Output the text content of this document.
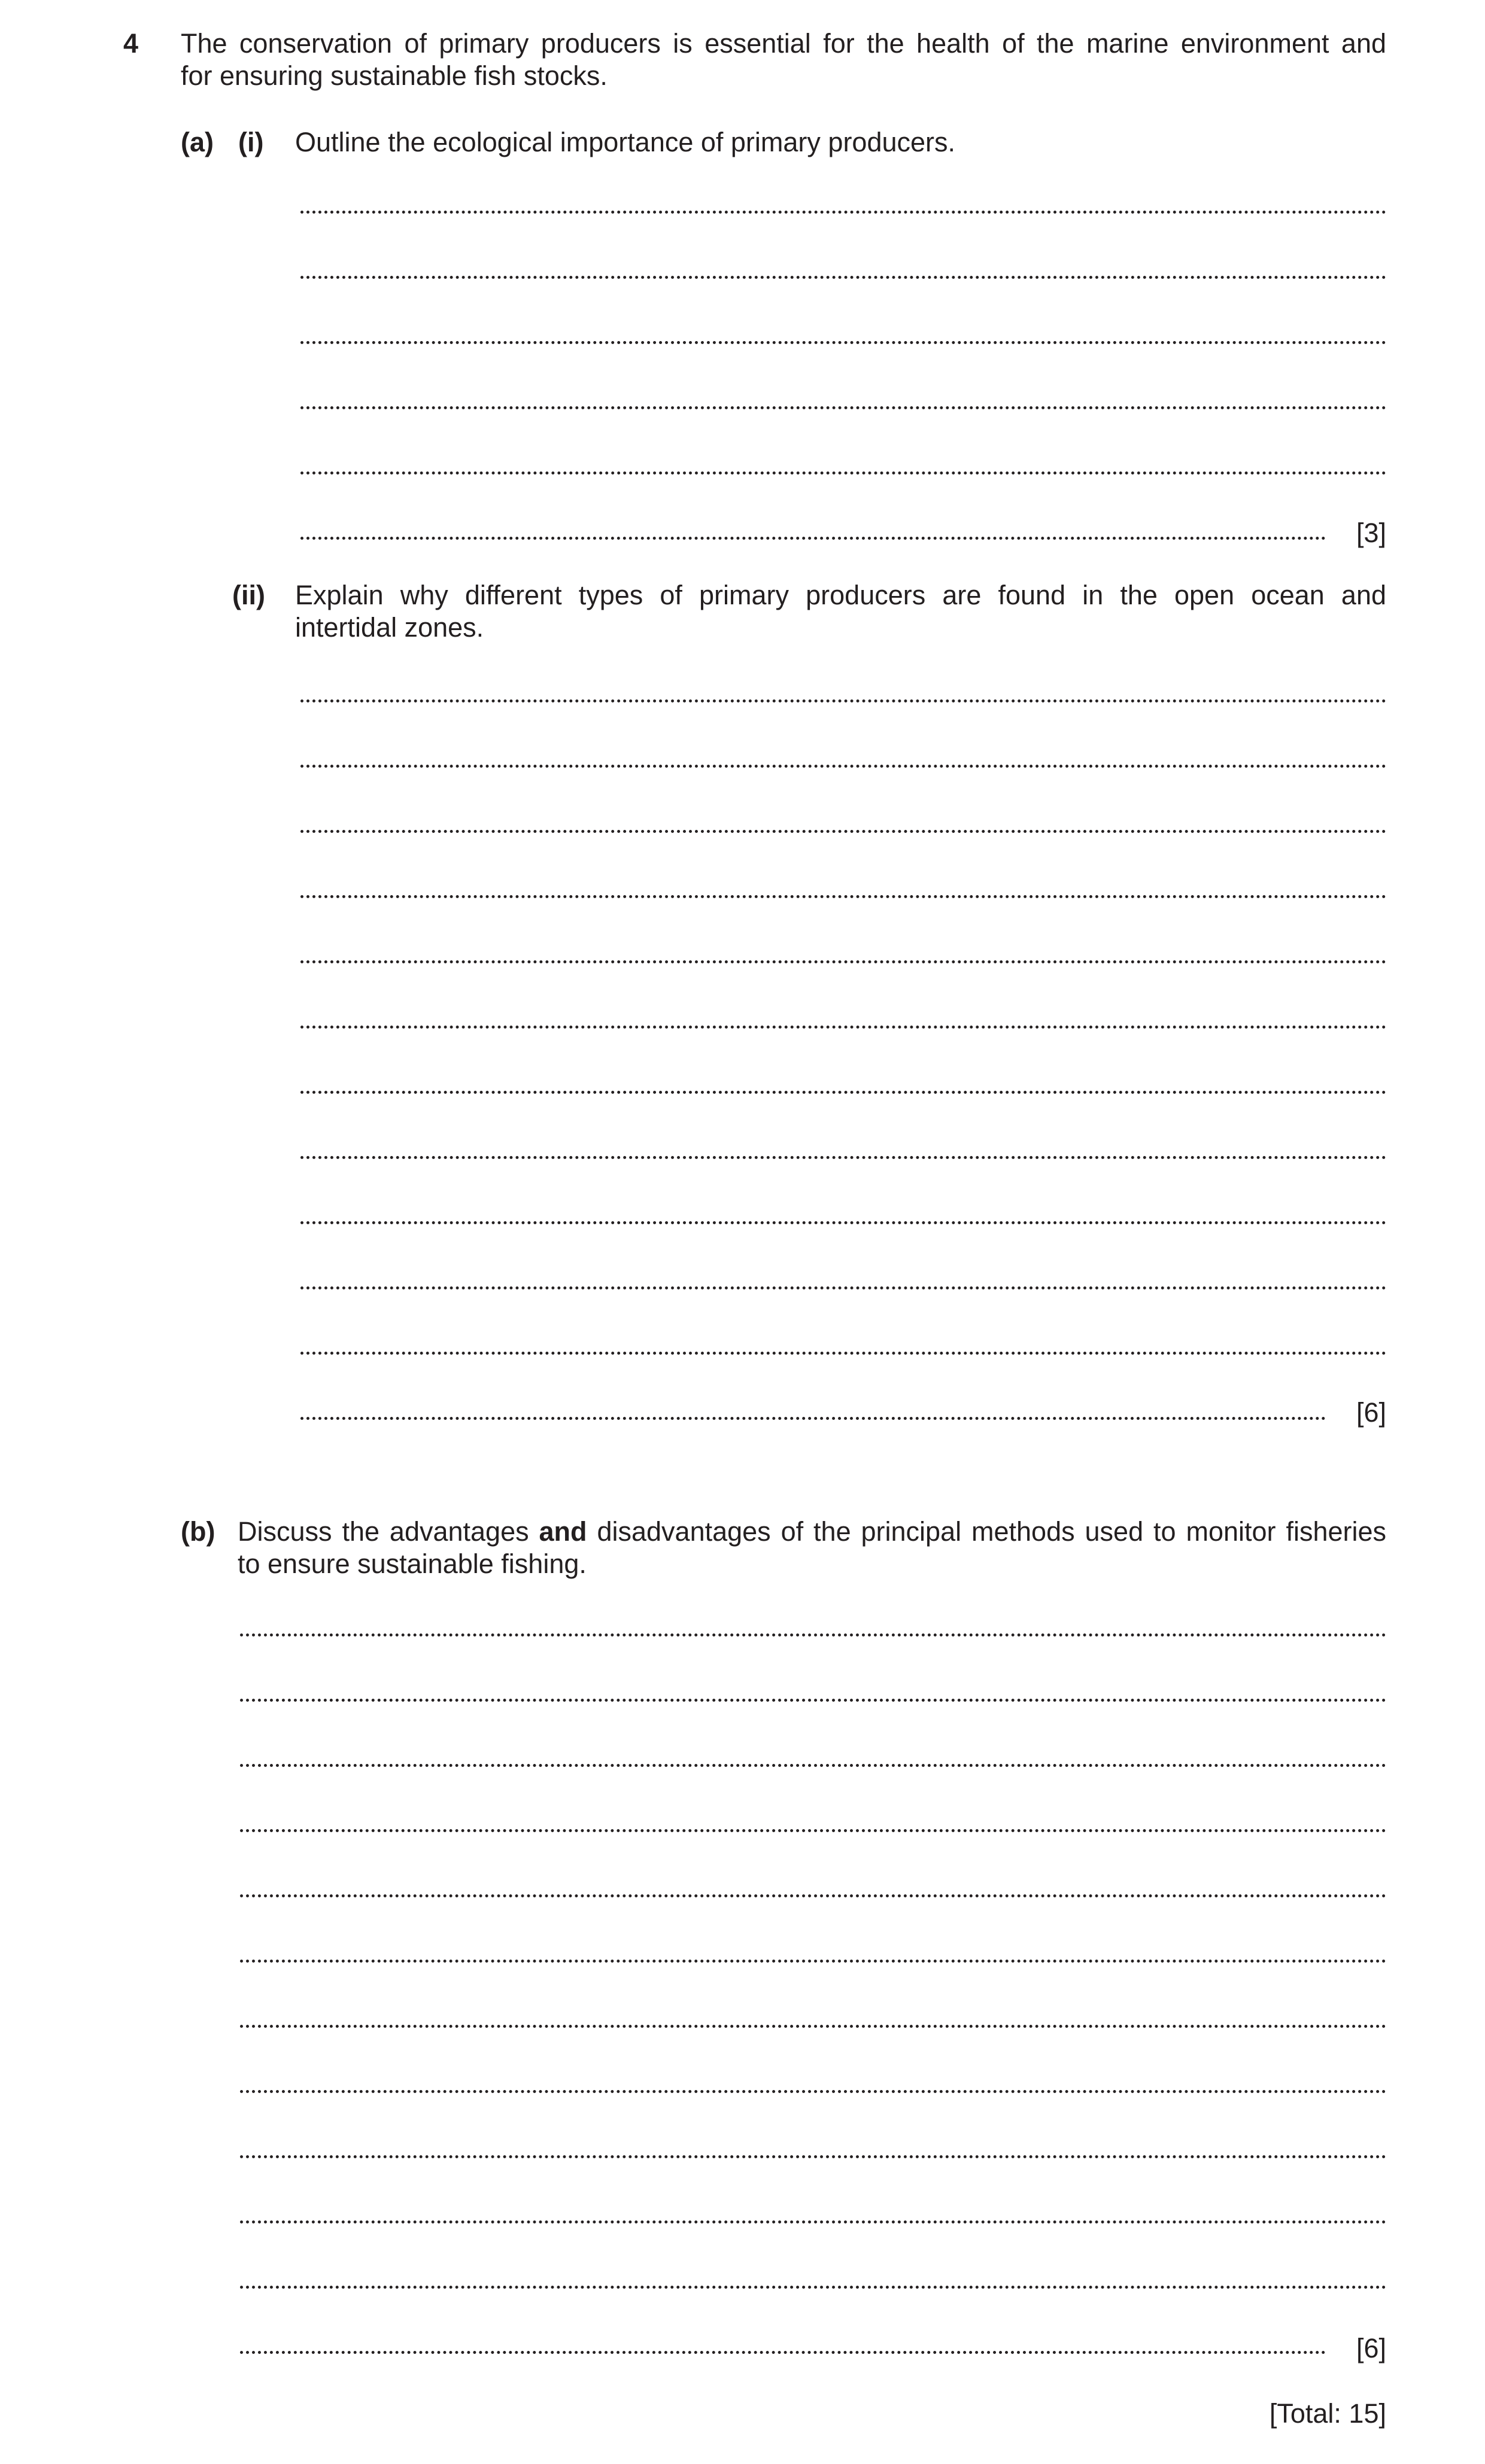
4 The conservation of primary producers is essential for the health of the marine environment and
for ensuring sustainable fish stocks.
(a) (i) Outline the ecological importance of primary producers.
[3]
(ii) Explain why different types of primary producers are found in the open ocean and
intertidal zones.
[6]
(b) Discuss the advantages and disadvantages of the principal methods used to monitor fisheries
to ensure sustainable fishing.
[6]
[Total: 15]
